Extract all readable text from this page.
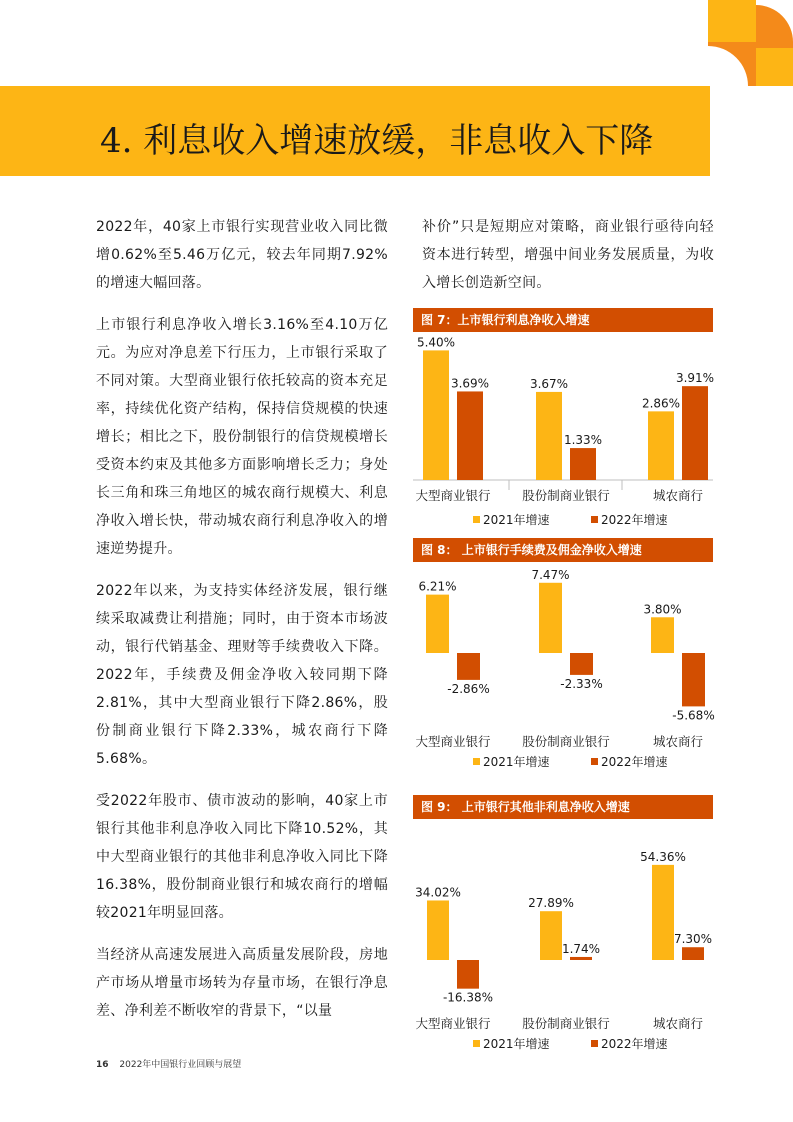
4. 利息收入增速放缓，非息收入下降

2022年，40家上市银行实现营业收入同比微增0.62%至5.46万亿元，较去年同期7.92%的增速大幅回落。

上市银行利息净收入增长3.16%至4.10万亿元。为应对净息差下行压力，上市银行采取了不同对策。大型商业银行依托较高的资本充足率，持续优化资产结构，保持信贷规模的快速增长；相比之下，股份制银行的信贷规模增长受资本约束及其他多方面影响增长乏力；身处长三角和珠三角地区的城农商行规模大、利息净收入增长快，带动城农商行利息净收入的增速逆势提升。

2022年以来，为支持实体经济发展，银行继续采取减费让利措施；同时，由于资本市场波动，银行代销基金、理财等手续费收入下降。2022年，手续费及佣金净收入较同期下降2.81%，其中大型商业银行下降2.86%，股份制商业银行下降2.33%，城农商行下降5.68%。

受2022年股市、债市波动的影响，40家上市银行其他非利息净收入同比下降10.52%，其中大型商业银行的其他非利息净收入同比下降16.38%，股份制商业银行和城农商行的增幅较2021年明显回落。

当经济从高速发展进入高质量发展阶段，房地产市场从增量市场转为存量市场，在银行净息差、净利差不断收窄的背景下，“以量

补价”只是短期应对策略，商业银行亟待向轻资本进行转型，增强中间业务发展质量，为收入增长创造新空间。

图 7：上市银行利息净收入增速
5.40%
3.69%
大型商业银行
3.67%
1.33%
股份制商业银行
2.86%
3.91%
城农商行
2021年增速	2022年增速
图 8： 上市银行手续费及佣金净收入增速
6.21%
-2.86%
大型商业银行
7.47%
-2.33%
股份制商业银行
3.80%
-5.68%
城农商行
2021年增速	2022年增速
图 9： 上市银行其他非利息净收入增速
34.02%
-16.38%
大型商业银行
27.89%
1.74%
股份制商业银行
54.36%
7.30%
城农商行
2021年增速	2022年增速
16 2022年中国银行业回顾与展望
